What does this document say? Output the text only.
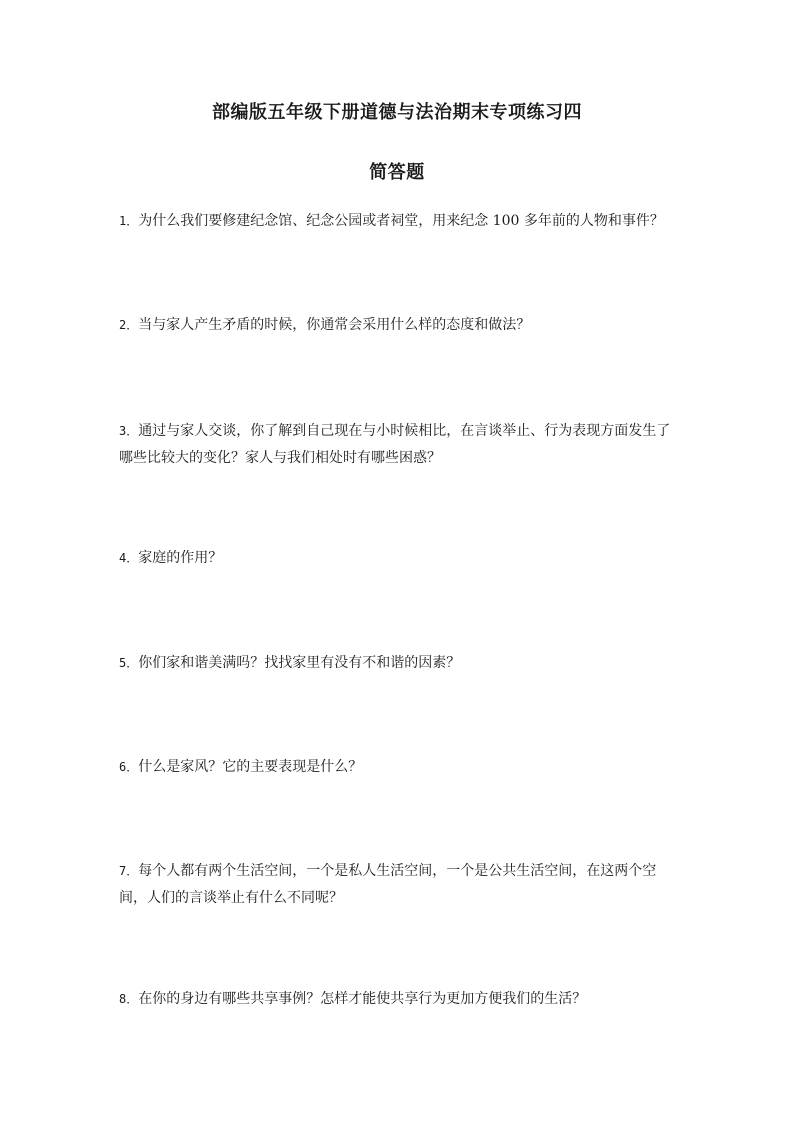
部编版五年级下册道德与法治期末专项练习四
简答题
1．为什么我们要修建纪念馆、纪念公园或者祠堂，用来纪念 100 多年前的人物和事件？
2．当与家人产生矛盾的时候，你通常会采用什么样的态度和做法？
3．通过与家人交谈，你了解到自己现在与小时候相比，在言谈举止、行为表现方面发生了哪些比较大的变化？家人与我们相处时有哪些困惑？
4．家庭的作用？
5．你们家和谐美满吗？找找家里有没有不和谐的因素？
6．什么是家风？它的主要表现是什么？
7．每个人都有两个生活空间，一个是私人生活空间，一个是公共生活空间，在这两个空间，人们的言谈举止有什么不同呢？
8．在你的身边有哪些共享事例？怎样才能使共享行为更加方便我们的生活？
